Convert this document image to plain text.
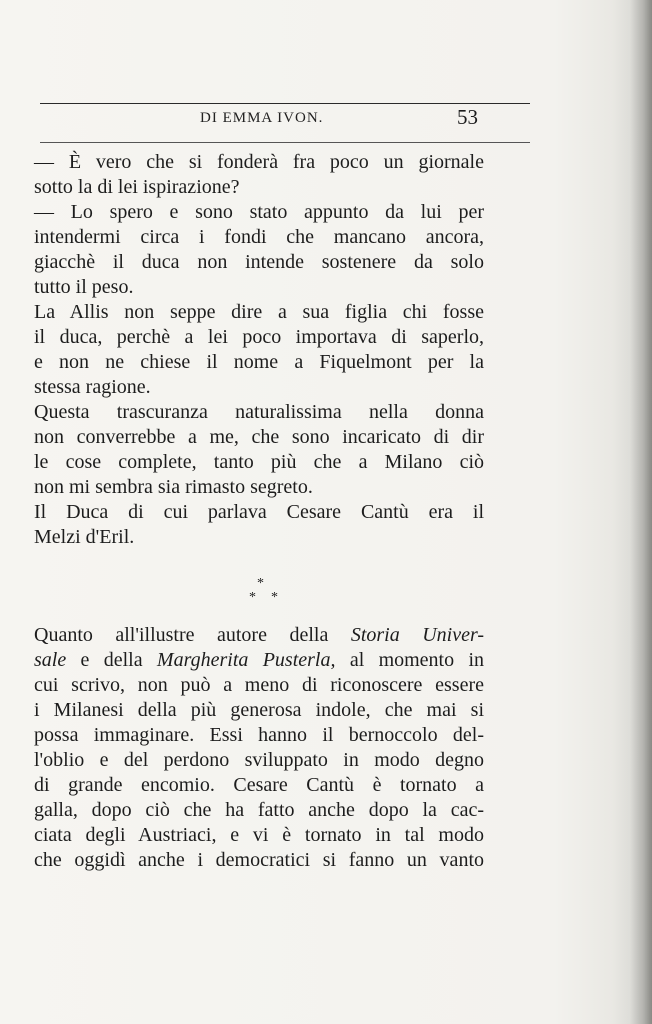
DI EMMA IVON.	53
— È vero che si fonderà fra poco un giornale
sotto la di lei ispirazione?
— Lo spero e sono stato appunto da lui per
intendermi circa i fondi che mancano ancora,
giacchè il duca non intende sostenere da solo
tutto il peso.
La Allis non seppe dire a sua figlia chi fosse
il duca, perchè a lei poco importava di saperlo,
e non ne chiese il nome a Fiquelmont per la
stessa ragione.
Questa trascuranza naturalissima nella donna
non converrebbe a me, che sono incaricato di dir
le cose complete, tanto più che a Milano ciò
non mi sembra sia rimasto segreto.
Il Duca di cui parlava Cesare Cantù era il
Melzi d'Eril.
*
* *
Quanto all'illustre autore della Storia Univer-
sale e della Margherita Pusterla, al momento in
cui scrivo, non può a meno di riconoscere essere
i Milanesi della più generosa indole, che mai si
possa immaginare. Essi hanno il bernoccolo del-
l'oblio e del perdono sviluppato in modo degno
di grande encomio. Cesare Cantù è tornato a
galla, dopo ciò che ha fatto anche dopo la cac-
ciata degli Austriaci, e vi è tornato in tal modo
che oggidì anche i democratici si fanno un vanto
